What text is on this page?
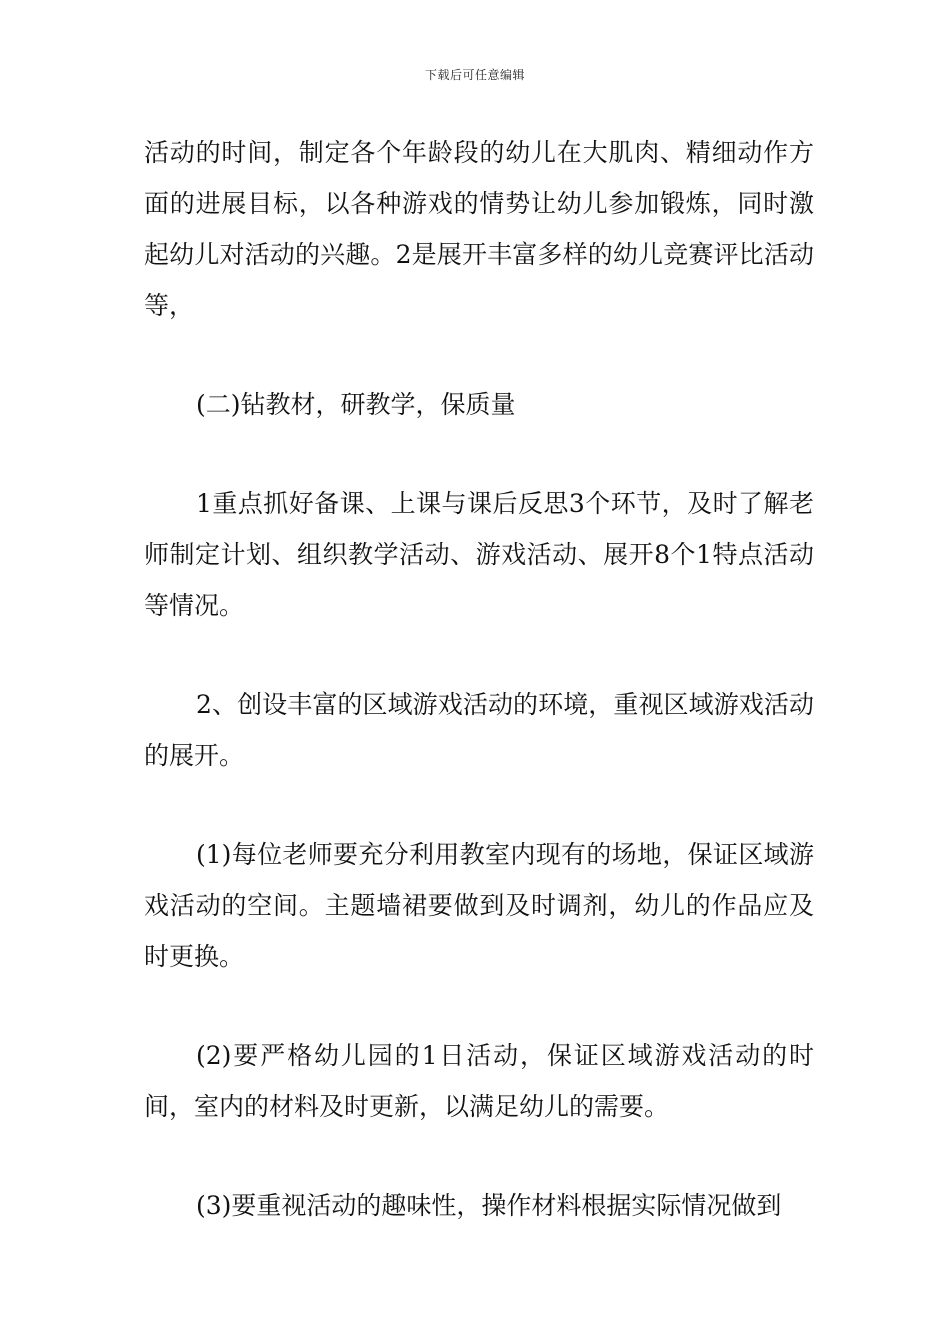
下载后可任意编辑

活动的时间，制定各个年龄段的幼儿在大肌肉、精细动作方面的进展目标，以各种游戏的情势让幼儿参加锻炼，同时激起幼儿对活动的兴趣。2是展开丰富多样的幼儿竞赛评比活动等，

(二)钻教材，研教学，保质量

1重点抓好备课、上课与课后反思3个环节，及时了解老师制定计划、组织教学活动、游戏活动、展开8个1特点活动等情况。

2、创设丰富的区域游戏活动的环境，重视区域游戏活动的展开。

(1)每位老师要充分利用教室内现有的场地，保证区域游戏活动的空间。主题墙裙要做到及时调剂，幼儿的作品应及时更换。

(2)要严格幼儿园的1日活动，保证区域游戏活动的时间，室内的材料及时更新，以满足幼儿的需要。

(3)要重视活动的趣味性，操作材料根据实际情况做到
